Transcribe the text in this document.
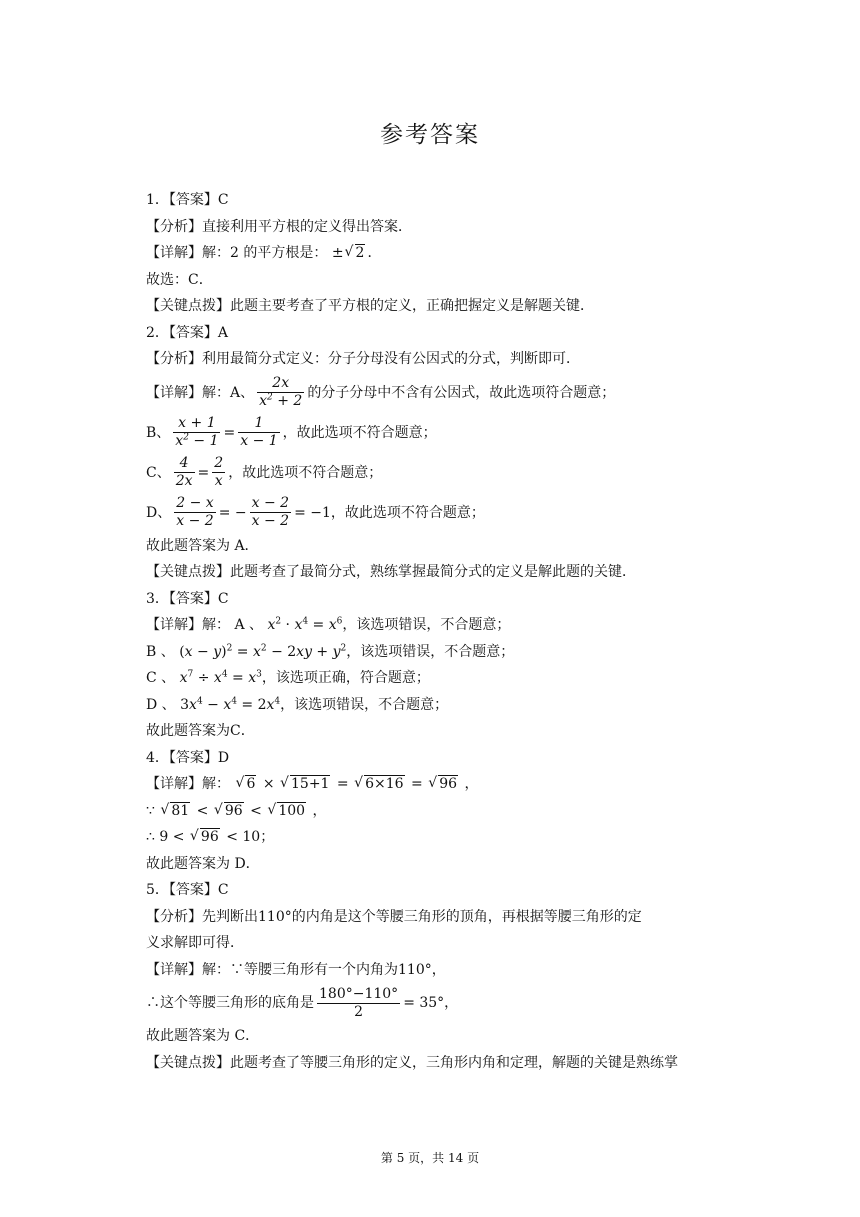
参考答案
1．【答案】C
【分析】直接利用平方根的定义得出答案．
【详解】解：2 的平方根是： ± √ 2 ．
故选：C．
【关键点拨】此题主要考查了平方根的定义，正确把握定义是解题关键．
2．【答案】A
【分析】利用最简分式定义：分子分母没有公因式的分式，判断即可．
【详解】解：A、 $\frac{2x}{x^2 + 2}$ 的分子分母中不含有公因式，故此选项符合题意；
B、 $\frac{x + 1}{x^2 - 1} = \frac{1}{x - 1}$ ，故此选项不符合题意；
C、 $\frac{4}{2x} = \frac{2}{x}$ ，故此选项不符合题意；
D、 $\frac{2 - x}{x - 2}$ = − $\frac{x - 2}{x - 2} = -1$，故此选项不符合题意；
故此题答案为 A．
【关键点拨】此题考查了最简分式，熟练掌握最简分式的定义是解此题的关键．
3．【答案】C
【详解】解： A 、 $x^2 \cdot x^4 = x^6$，该选项错误，不合题意；
B 、 $(x - y)^2 = x^2 - 2xy + y^2$，该选项错误，不合题意；
C 、 $x^7 \div x^4 = x^3$，该选项正确，符合题意；
D 、 $3x^4 - x^4 = 2x^4$，该选项错误，不合题意；
故此题答案为C．
4．【答案】D
【详解】解： √ 6 × √ 15+1 = √ 6×16 = √ 96 ，
∵ √ 81 < √ 96 < √ 100 ，
∴ 9 < √ 96 < 10；
故此题答案为 D．
5．【答案】C
【分析】先判断出110°的内角是这个等腰三角形的顶角，再根据等腰三角形的定
义求解即可得．
【详解】解：∵等腰三角形有一个内角为110°，
∴这个等腰三角形的底角是 $\frac{180^\circ-110^\circ}{2} = 35^\circ$，
故此题答案为 C．
【关键点拨】此题考查了等腰三角形的定义，三角形内角和定理，解题的关键是熟练掌
第 5 页，共 14 页
